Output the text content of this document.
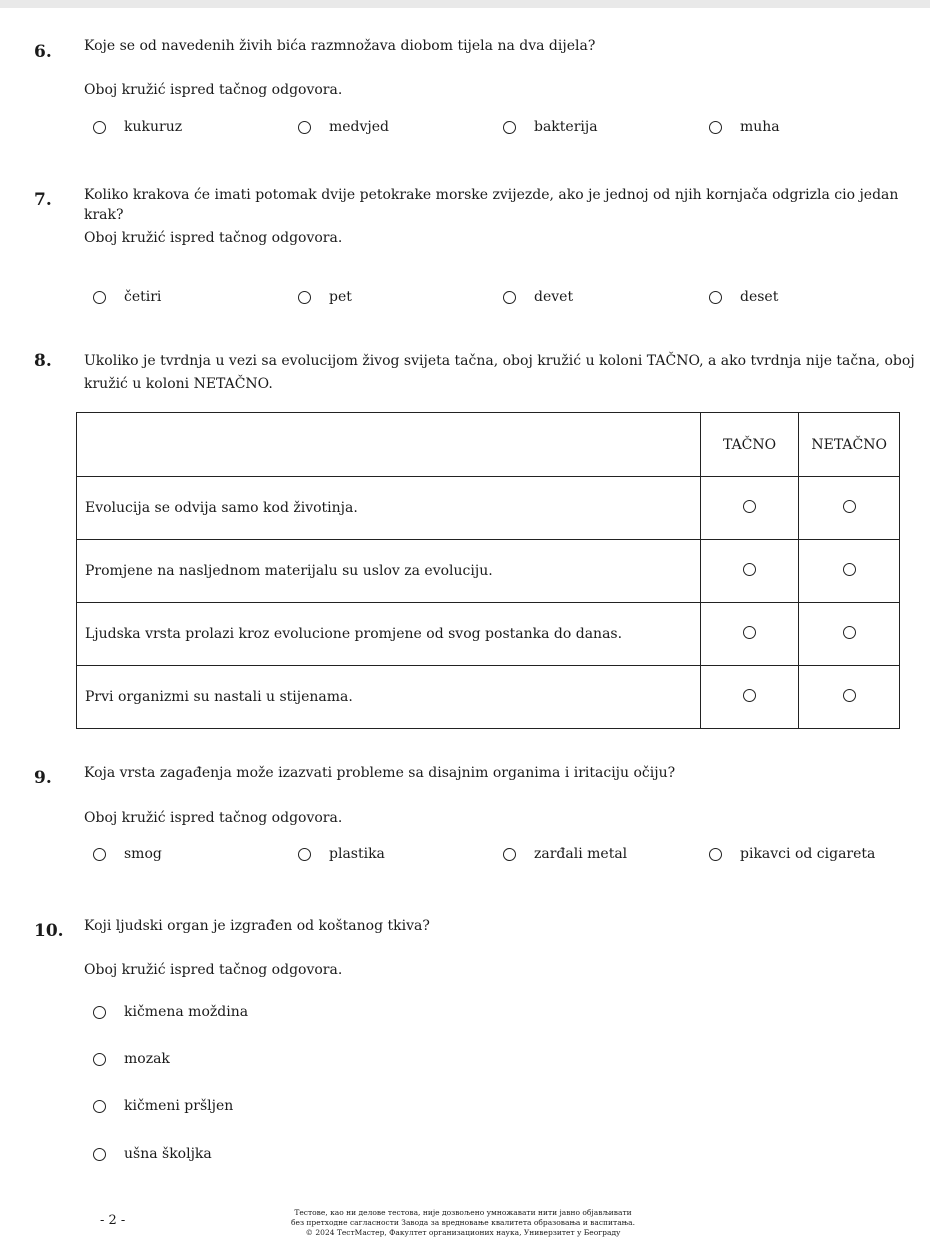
6. Koje se od navedenih živih bića razmnožava diobom tijela na dva dijela?
Oboj kružić ispred tačnog odgovora.
kukuruz	medvjed	bakterija	muha
7. Koliko krakova će imati potomak dvije petokrake morske zvijezde, ako je jednoj od njih kornjača odgrizla cio jedan krak?
Oboj kružić ispred tačnog odgovora.
četiri	pet	devet	deset
8. Ukoliko je tvrdnja u vezi sa evolucijom živog svijeta tačna, oboj kružić u koloni TAČNO, a ako tvrdnja nije tačna, oboj
kružić u koloni NETAČNO.
	TAČNO	NETAČNO
Evolucija se odvija samo kod životinja.		
Promjene na nasljednom materijalu su uslov za evoluciju.		
Ljudska vrsta prolazi kroz evolucione promjene od svog postanka do danas.		
Prvi organizmi su nastali u stijenama.		
9. Koja vrsta zagađenja može izazvati probleme sa disajnim organima i iritaciju očiju?
Oboj kružić ispred tačnog odgovora.
smog	plastika	zarđali metal	pikavci od cigareta
10. Koji ljudski organ je izgrađen od koštanog tkiva?
Oboj kružić ispred tačnog odgovora.
kičmena moždina
mozak
kičmeni pršljen
ušna školjka
- 2 -
Тестове, као ни делове тестова, није дозвољено умножавати нити јавно објављивати
без претходне сагласности Завода за вредновање квалитета образовања и васпитања.
© 2024 ТестМастер, Факултет организационих наука, Универзитет у Београду
